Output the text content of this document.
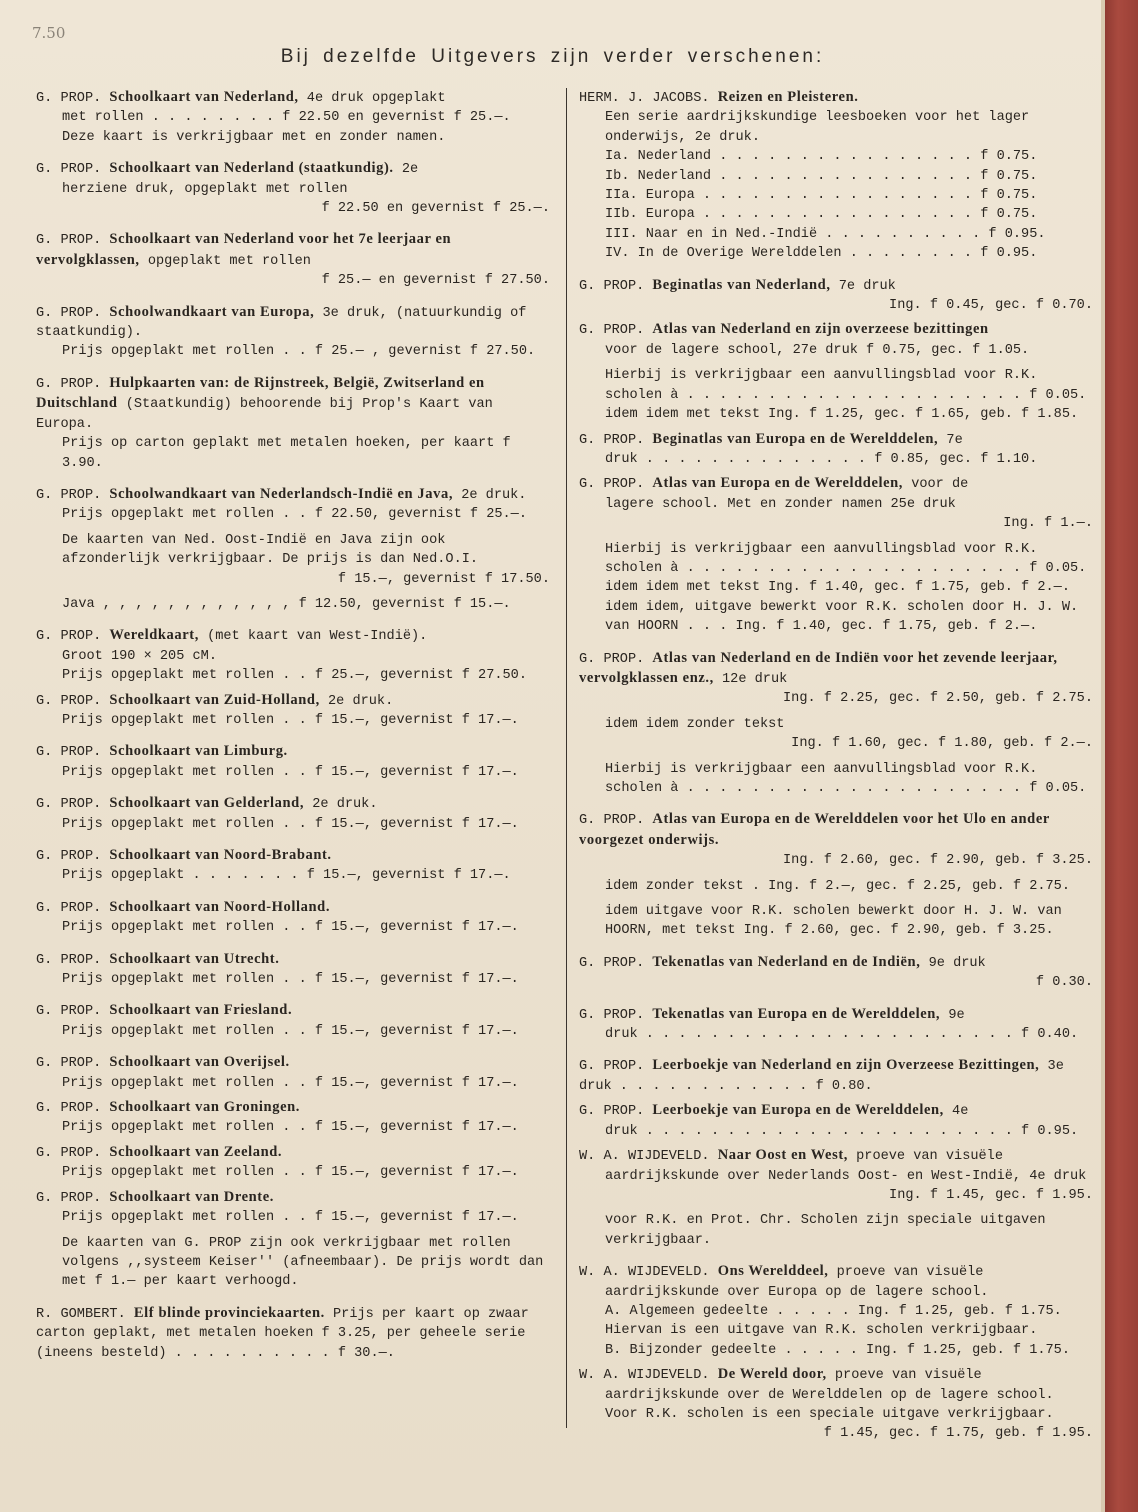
7.50
Bij dezelfde Uitgevers zijn verder verschenen:
G. PROP. Schoolkaart van Nederland, 4e druk opgeplakt
met rollen . . . . . . . . f 22.50 en gevernist f 25.—.
Deze kaart is verkrijgbaar met en zonder namen.
G. PROP. Schoolkaart van Nederland (staatkundig). 2e
herziene druk, opgeplakt met rollen
f 22.50 en gevernist f 25.—.
G. PROP. Schoolkaart van Nederland voor het 7e leerjaar en vervolgklassen, opgeplakt met rollen
f 25.— en gevernist f 27.50.
G. PROP. Schoolwandkaart van Europa, 3e druk, (natuurkundig of staatkundig).
Prijs opgeplakt met rollen . . f 25.— , gevernist f 27.50.
G. PROP. Hulpkaarten van: de Rijnstreek, België, Zwitserland en Duitschland (Staatkundig) behoorende bij Prop's Kaart van Europa.
Prijs op carton geplakt met metalen hoeken, per kaart f 3.90.
G. PROP. Schoolwandkaart van Nederlandsch-Indië en Java, 2e druk.
Prijs opgeplakt met rollen . . f 22.50, gevernist f 25.—.
De kaarten van Ned. Oost-Indië en Java zijn ook afzonderlijk verkrijgbaar. De prijs is dan Ned.O.I.
f 15.—, gevernist f 17.50.
Java , , , , , , , , , , , , f 12.50, gevernist f 15.—.
G. PROP. Wereldkaart, (met kaart van West-Indië).
Groot 190 × 205 cM.
Prijs opgeplakt met rollen . . f 25.—, gevernist f 27.50.
G. PROP. Schoolkaart van Zuid-Holland, 2e druk.
Prijs opgeplakt met rollen . . f 15.—, gevernist f 17.—.
G. PROP. Schoolkaart van Limburg.
Prijs opgeplakt met rollen . . f 15.—, gevernist f 17.—.
G. PROP. Schoolkaart van Gelderland, 2e druk.
Prijs opgeplakt met rollen . . f 15.—, gevernist f 17.—.
G. PROP. Schoolkaart van Noord-Brabant.
Prijs opgeplakt . . . . . . . f 15.—, gevernist f 17.—.
G. PROP. Schoolkaart van Noord-Holland.
Prijs opgeplakt met rollen . . f 15.—, gevernist f 17.—.
G. PROP. Schoolkaart van Utrecht.
Prijs opgeplakt met rollen . . f 15.—, gevernist f 17.—.
G. PROP. Schoolkaart van Friesland.
Prijs opgeplakt met rollen . . f 15.—, gevernist f 17.—.
G. PROP. Schoolkaart van Overijsel.
Prijs opgeplakt met rollen . . f 15.—, gevernist f 17.—.
G. PROP. Schoolkaart van Groningen.
Prijs opgeplakt met rollen . . f 15.—, gevernist f 17.—.
G. PROP. Schoolkaart van Zeeland.
Prijs opgeplakt met rollen . . f 15.—, gevernist f 17.—.
G. PROP. Schoolkaart van Drente.
Prijs opgeplakt met rollen . . f 15.—, gevernist f 17.—.
De kaarten van G. PROP zijn ook verkrijgbaar met rollen volgens ,,systeem Keiser'' (afneembaar). De prijs wordt dan met f 1.— per kaart verhoogd.
R. GOMBERT. Elf blinde provinciekaarten. Prijs per kaart op zwaar carton geplakt, met metalen hoeken f 3.25, per geheele serie (ineens besteld) . . . . . . . . . . f 30.—.
HERM. J. JACOBS. Reizen en Pleisteren.
Een serie aardrijkskundige leesboeken voor het lager onderwijs, 2e druk.
Ia. Nederland . . . . . . . . . . . . . . . . f 0.75.
Ib. Nederland . . . . . . . . . . . . . . . . f 0.75.
IIa. Europa . . . . . . . . . . . . . . . . . f 0.75.
IIb. Europa . . . . . . . . . . . . . . . . . f 0.75.
III. Naar en in Ned.-Indië . . . . . . . . . . f 0.95.
IV. In de Overige Werelddelen . . . . . . . . f 0.95.
G. PROP. Beginatlas van Nederland, 7e druk
Ing. f 0.45, gec. f 0.70.
G. PROP. Atlas van Nederland en zijn overzeese bezittingen
voor de lagere school, 27e druk f 0.75, gec. f 1.05.
Hierbij is verkrijgbaar een aanvullingsblad voor R.K. scholen à . . . . . . . . . . . . . . . . . . . . . f 0.05.
idem idem met tekst Ing. f 1.25, gec. f 1.65, geb. f 1.85.
G. PROP. Beginatlas van Europa en de Werelddelen, 7e
druk . . . . . . . . . . . . . . f 0.85, gec. f 1.10.
G. PROP. Atlas van Europa en de Werelddelen, voor de
lagere school. Met en zonder namen 25e druk
Ing. f 1.—.
Hierbij is verkrijgbaar een aanvullingsblad voor R.K. scholen à . . . . . . . . . . . . . . . . . . . . . f 0.05.
idem idem met tekst Ing. f 1.40, gec. f 1.75, geb. f 2.—.
idem idem, uitgave bewerkt voor R.K. scholen door H. J. W. van HOORN . . . Ing. f 1.40, gec. f 1.75, geb. f 2.—.
G. PROP. Atlas van Nederland en de Indiën voor het zevende leerjaar, vervolgklassen enz., 12e druk
Ing. f 2.25, gec. f 2.50, geb. f 2.75.
idem idem zonder tekst
Ing. f 1.60, gec. f 1.80, geb. f 2.—.
Hierbij is verkrijgbaar een aanvullingsblad voor R.K. scholen à . . . . . . . . . . . . . . . . . . . . . f 0.05.
G. PROP. Atlas van Europa en de Werelddelen voor het Ulo en ander voorgezet onderwijs.
Ing. f 2.60, gec. f 2.90, geb. f 3.25.
idem zonder tekst . Ing. f 2.—, gec. f 2.25, geb. f 2.75.
idem uitgave voor R.K. scholen bewerkt door H. J. W. van HOORN, met tekst Ing. f 2.60, gec. f 2.90, geb. f 3.25.
G. PROP. Tekenatlas van Nederland en de Indiën, 9e druk
f 0.30.
G. PROP. Tekenatlas van Europa en de Werelddelen, 9e
druk . . . . . . . . . . . . . . . . . . . . . . . f 0.40.
G. PROP. Leerboekje van Nederland en zijn Overzeese Bezittingen, 3e druk . . . . . . . . . . . . f 0.80.
G. PROP. Leerboekje van Europa en de Werelddelen, 4e
druk . . . . . . . . . . . . . . . . . . . . . . . f 0.95.
W. A. WIJDEVELD. Naar Oost en West, proeve van visuële
aardrijkskunde over Nederlands Oost- en West-Indië, 4e druk
Ing. f 1.45, gec. f 1.95.
voor R.K. en Prot. Chr. Scholen zijn speciale uitgaven verkrijgbaar.
W. A. WIJDEVELD. Ons Werelddeel, proeve van visuële
aardrijkskunde over Europa op de lagere school.
A. Algemeen gedeelte . . . . . Ing. f 1.25, geb. f 1.75.
Hiervan is een uitgave van R.K. scholen verkrijgbaar.
B. Bijzonder gedeelte . . . . . Ing. f 1.25, geb. f 1.75.
W. A. WIJDEVELD. De Wereld door, proeve van visuële
aardrijkskunde over de Werelddelen op de lagere school. Voor R.K. scholen is een speciale uitgave verkrijgbaar.
f 1.45, gec. f 1.75, geb. f 1.95.
